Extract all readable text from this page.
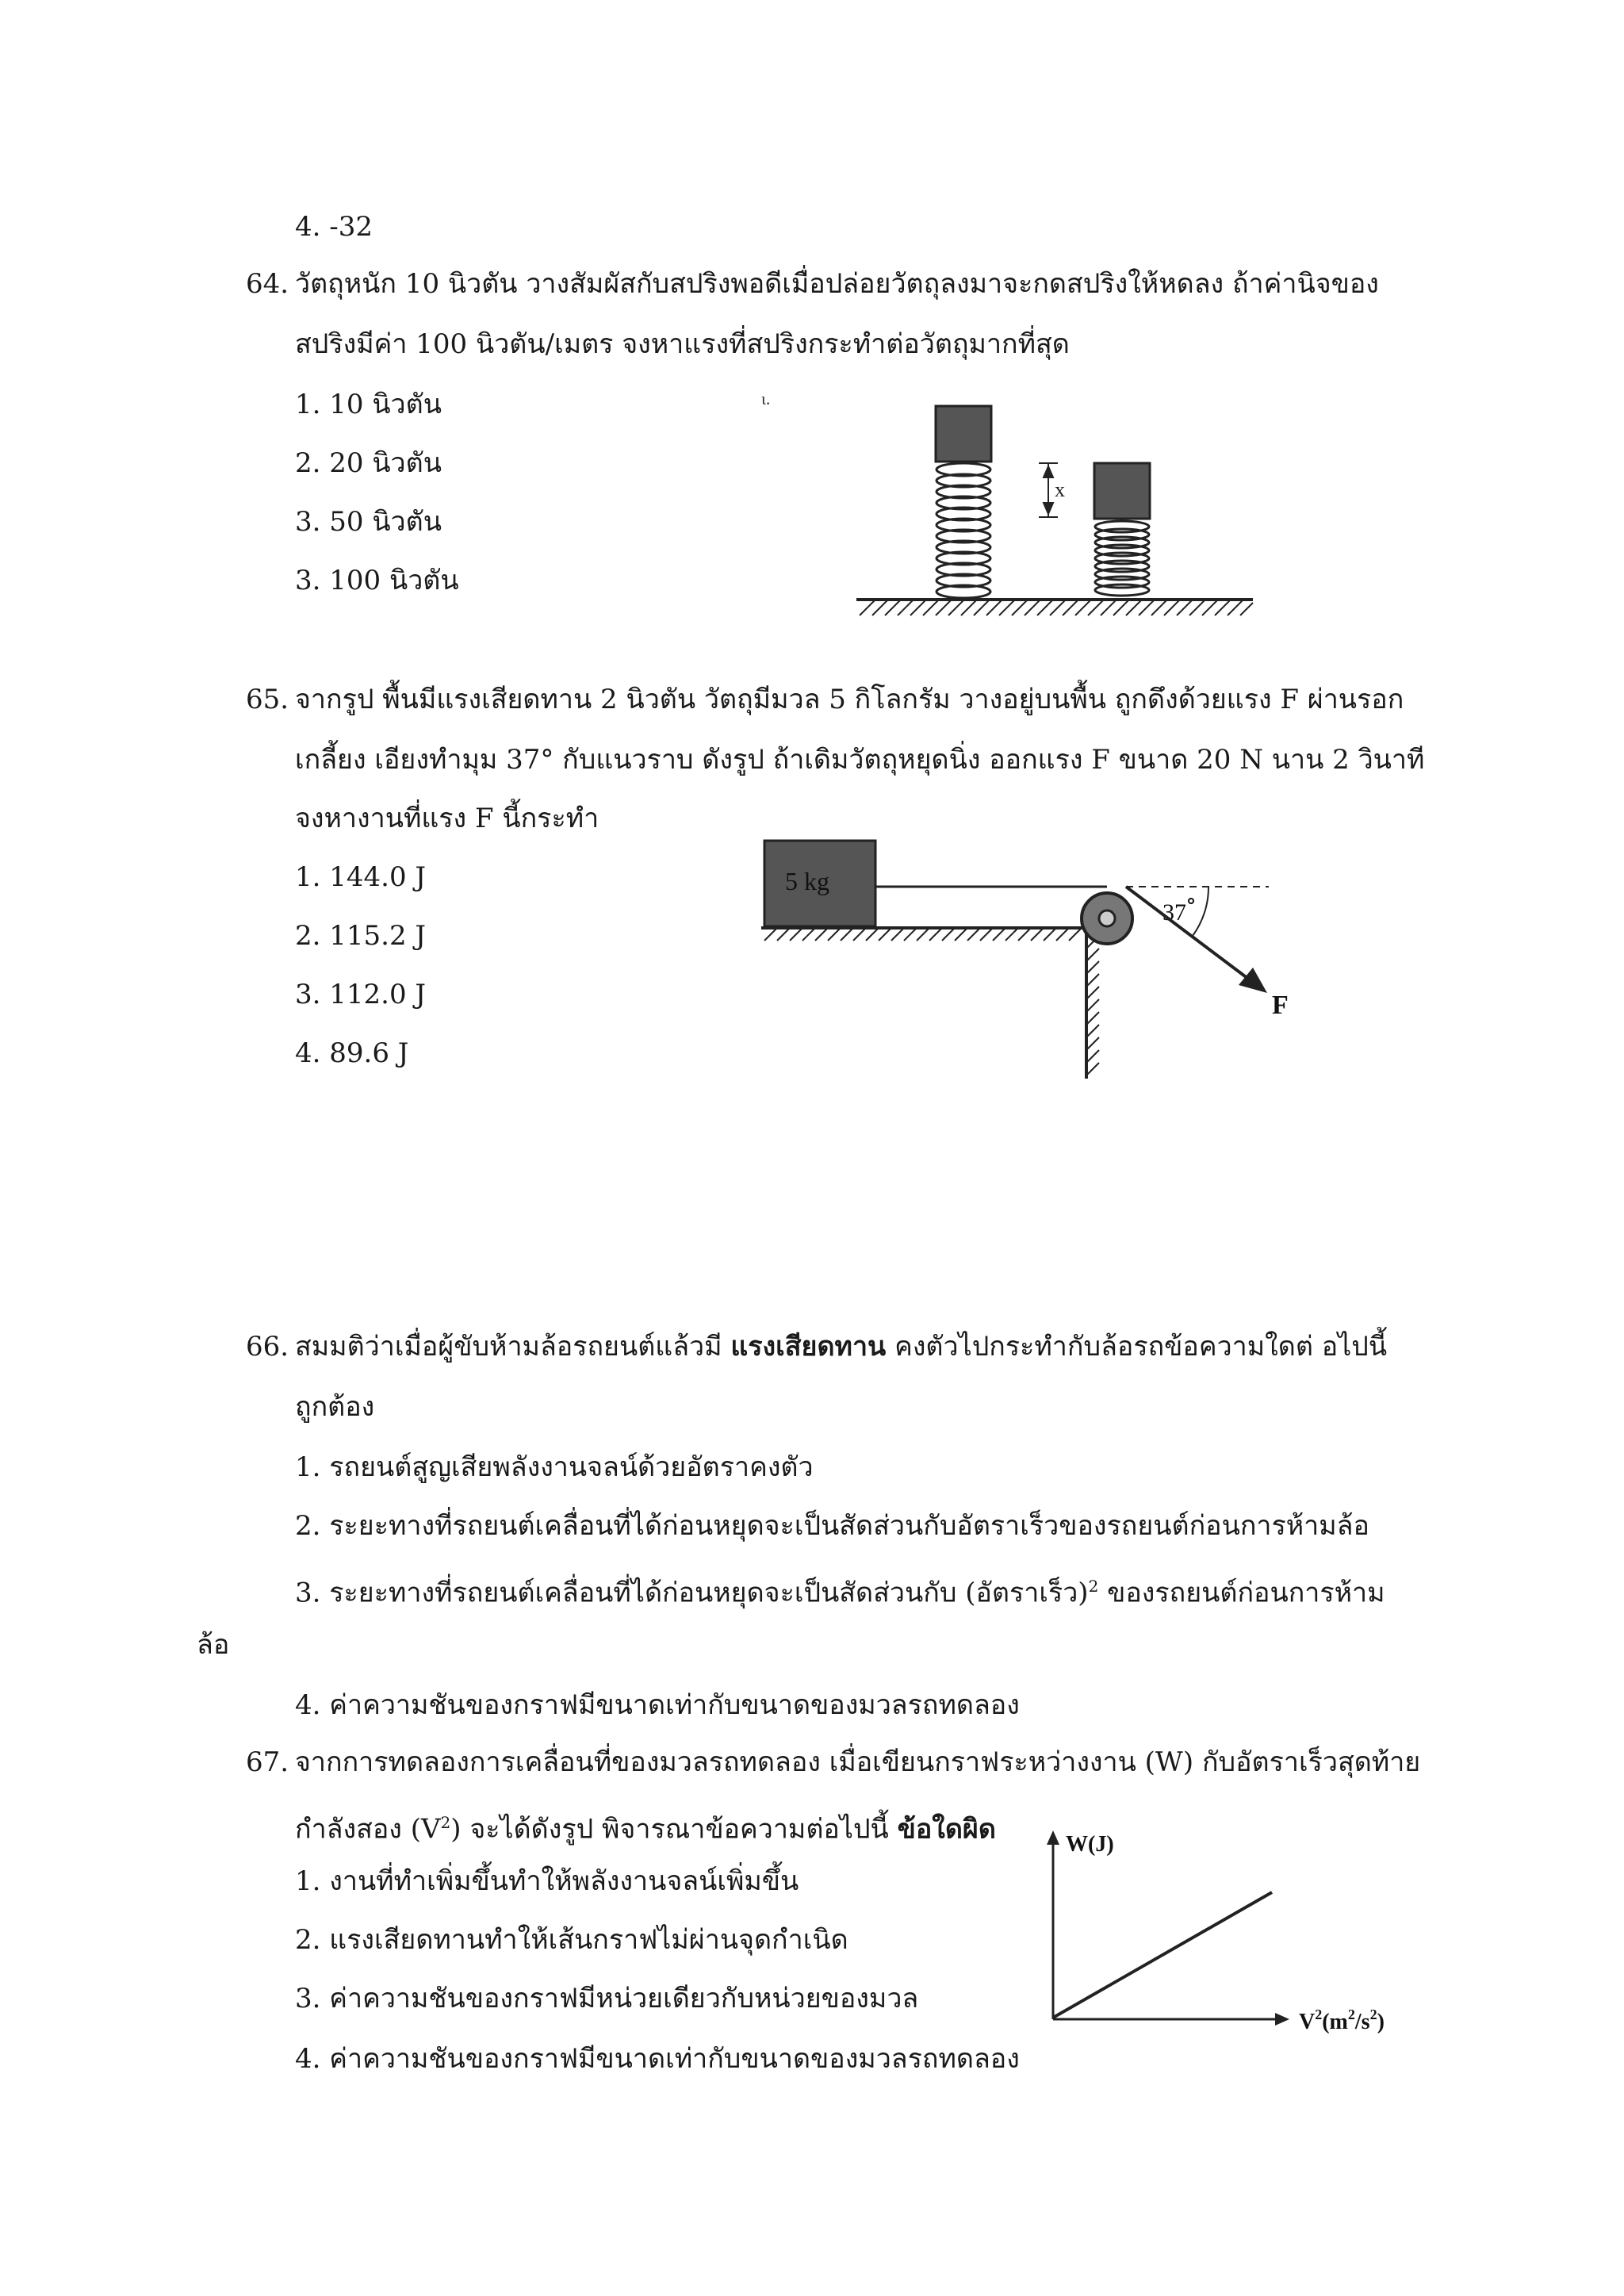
4. -32
64. วัตถุหนัก 10 นิวตัน วางสัมผัสกับสปริงพอดีเมื่อปล่อยวัตถุลงมาจะกดสปริงให้หดลง ถ้าค่านิจของ
สปริงมีค่า 100 นิวตัน/เมตร จงหาแรงที่สปริงกระทำต่อวัตถุมากที่สุด
1. 10 นิวตัน
2. 20 นิวตัน
3. 50 นิวตัน
3. 100 นิวตัน
ι.
x
65. จากรูป พื้นมีแรงเสียดทาน 2 นิวตัน วัตถุมีมวล 5 กิโลกรัม วางอยู่บนพื้น ถูกดึงด้วยแรง F ผ่านรอก
เกลี้ยง เอียงทำมุม 37° กับแนวราบ ดังรูป ถ้าเดิมวัตถุหยุดนิ่ง ออกแรง F ขนาด 20 N นาน 2 วินาที
จงหางานที่แรง F นี้กระทำ
1. 144.0 J
2. 115.2 J
3. 112.0 J
4. 89.6 J
5 kg
37
F
66. สมมติว่าเมื่อผู้ขับห้ามล้อรถยนต์แล้วมี แรงเสียดทาน คงตัวไปกระทำกับล้อรถข้อความใดต่ อไปนี้
ถูกต้อง
1. รถยนต์สูญเสียพลังงานจลน์ด้วยอัตราคงตัว
2. ระยะทางที่รถยนต์เคลื่อนที่ได้ก่อนหยุดจะเป็นสัดส่วนกับอัตราเร็วของรถยนต์ก่อนการห้ามล้อ
3. ระยะทางที่รถยนต์เคลื่อนที่ได้ก่อนหยุดจะเป็นสัดส่วนกับ (อัตราเร็ว)$^2$ ของรถยนต์ก่อนการห้าม
ล้อ
4. ค่าความชันของกราฟมีขนาดเท่ากับขนาดของมวลรถทดลอง
67. จากการทดลองการเคลื่อนที่ของมวลรถทดลอง เมื่อเขียนกราฟระหว่างงาน (W) กับอัตราเร็วสุดท้าย
กำลังสอง $(V^2)$ จะได้ดังรูป พิจารณาข้อความต่อไปนี้ ข้อใดผิด
1. งานที่ทำเพิ่มขึ้นทำให้พลังงานจลน์เพิ่มขึ้น
2. แรงเสียดทานทำให้เส้นกราฟไม่ผ่านจุดกำเนิด
3. ค่าความชันของกราฟมีหน่วยเดียวกับหน่วยของมวล
4. ค่าความชันของกราฟมีขนาดเท่ากับขนาดของมวลรถทดลอง
W(J)
$V^2(m^2/s^2)$
